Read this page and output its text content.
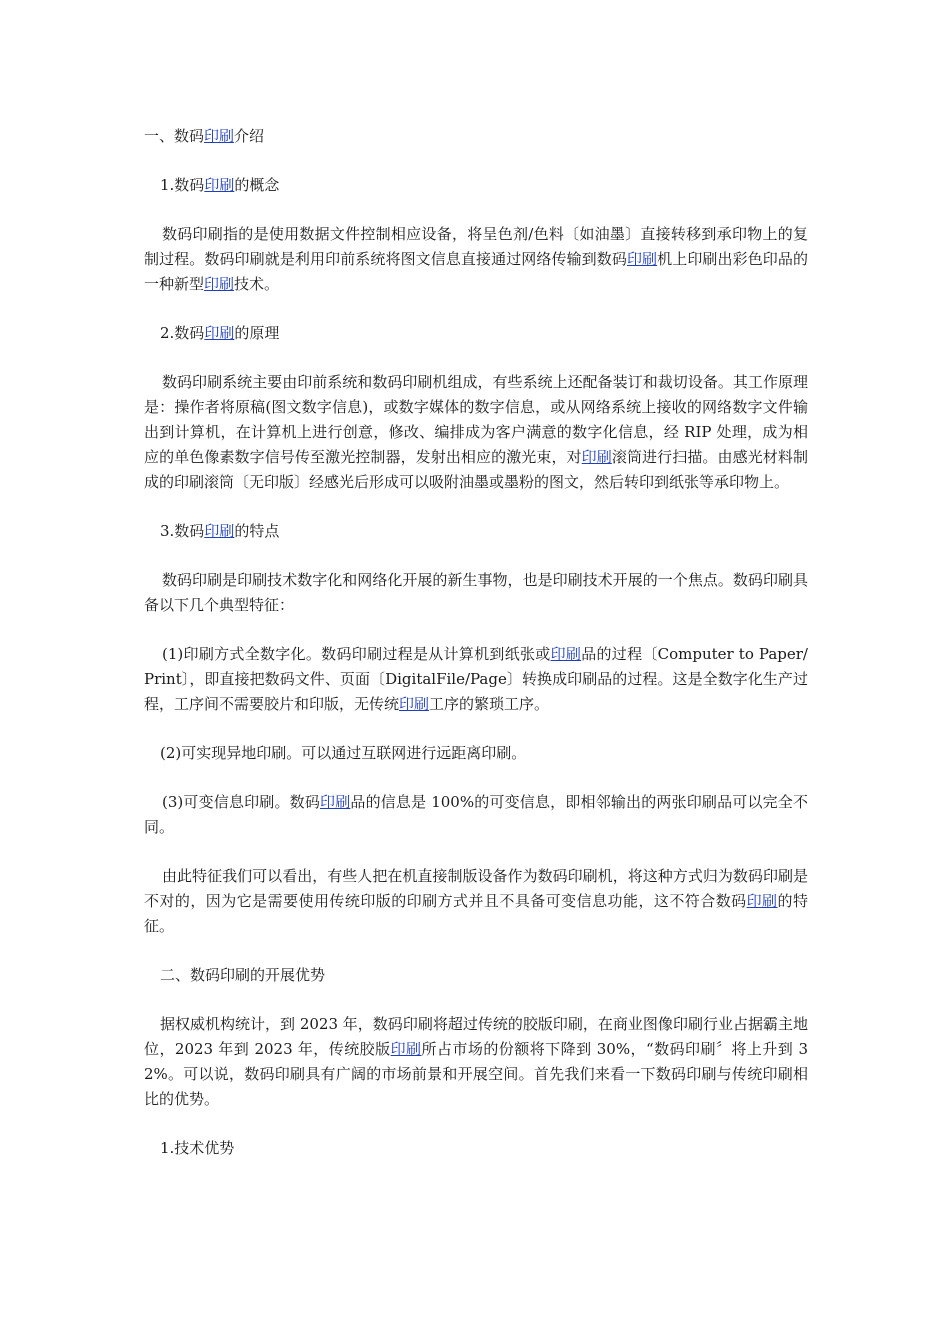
一、数码印刷介绍

1.数码印刷的概念

数码印刷指的是使用数据文件控制相应设备，将呈色剂/色料〔如油墨〕直接转移到承印物上的复制过程。数码印刷就是利用印前系统将图文信息直接通过网络传输到数码印刷机上印刷出彩色印品的一种新型印刷技术。

2.数码印刷的原理

数码印刷系统主要由印前系统和数码印刷机组成，有些系统上还配备装订和裁切设备。其工作原理是：操作者将原稿(图文数字信息)，或数字媒体的数字信息，或从网络系统上接收的网络数字文件输出到计算机，在计算机上进行创意，修改、编排成为客户满意的数字化信息，经 RIP 处理，成为相应的单色像素数字信号传至激光控制器，发射出相应的激光束，对印刷滚筒进行扫描。由感光材料制成的印刷滚筒〔无印版〕经感光后形成可以吸附油墨或墨粉的图文，然后转印到纸张等承印物上。

3.数码印刷的特点

数码印刷是印刷技术数字化和网络化开展的新生事物，也是印刷技术开展的一个焦点。数码印刷具备以下几个典型特征：

(1)印刷方式全数字化。数码印刷过程是从计算机到纸张或印刷品的过程〔Computer to Paper/Print〕，即直接把数码文件、页面〔DigitalFile/Page〕转换成印刷品的过程。这是全数字化生产过程，工序间不需要胶片和印版，无传统印刷工序的繁琐工序。

(2)可实现异地印刷。可以通过互联网进行远距离印刷。

(3)可变信息印刷。数码印刷品的信息是 100%的可变信息，即相邻输出的两张印刷品可以完全不同。

由此特征我们可以看出，有些人把在机直接制版设备作为数码印刷机，将这种方式归为数码印刷是不对的，因为它是需要使用传统印版的印刷方式并且不具备可变信息功能，这不符合数码印刷的特征。

二、数码印刷的开展优势

据权威机构统计，到 2023 年，数码印刷将超过传统的胶版印刷，在商业图像印刷行业占据霸主地位，2023 年到 2023 年，传统胶版印刷所占市场的份额将下降到 30%，“数码印刷〞将上升到 32%。可以说，数码印刷具有广阔的市场前景和开展空间。首先我们来看一下数码印刷与传统印刷相比的优势。

1.技术优势
